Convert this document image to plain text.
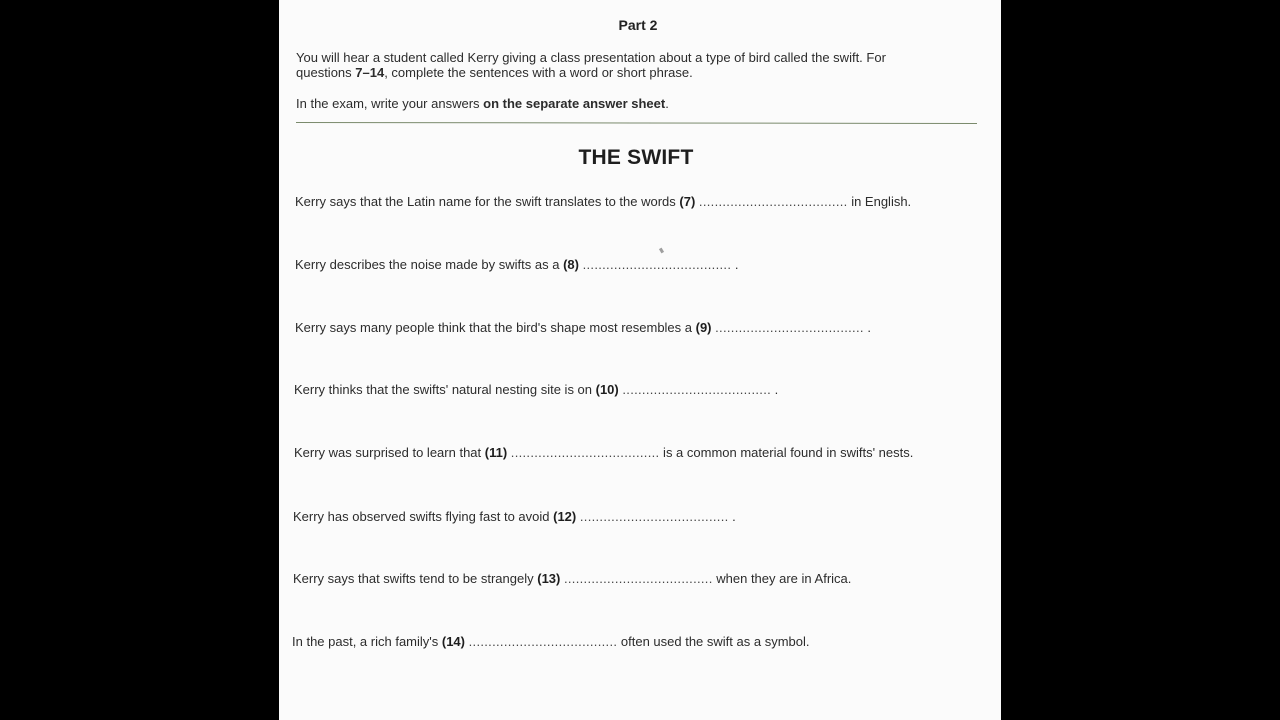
Part 2
You will hear a student called Kerry giving a class presentation about a type of bird called the swift. For questions 7–14, complete the sentences with a word or short phrase.
In the exam, write your answers on the separate answer sheet.
THE SWIFT
Kerry says that the Latin name for the swift translates to the words (7) ...................................... in English.
Kerry describes the noise made by swifts as a (8) ...................................... .
Kerry says many people think that the bird's shape most resembles a (9) ...................................... .
Kerry thinks that the swifts' natural nesting site is on (10) ...................................... .
Kerry was surprised to learn that (11) ...................................... is a common material found in swifts' nests.
Kerry has observed swifts flying fast to avoid (12) ...................................... .
Kerry says that swifts tend to be strangely (13) ...................................... when they are in Africa.
In the past, a rich family's (14) ...................................... often used the swift as a symbol.
